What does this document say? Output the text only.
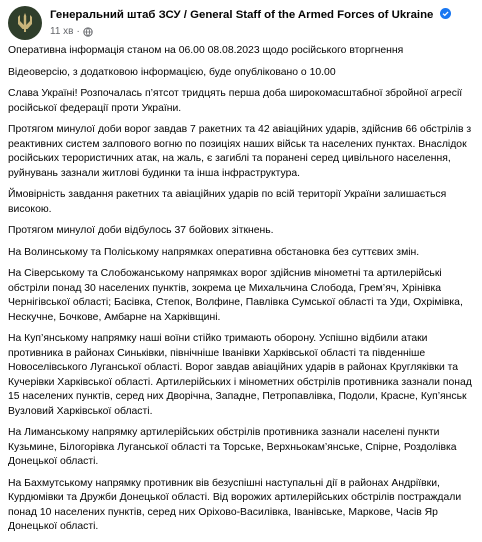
Генеральний штаб ЗСУ / General Staff of the Armed Forces of Ukraine
11 хв ·

Оперативна інформація станом на 06.00 08.08.2023 щодо російського вторгнення

Відеоверсію, з додатковою інформацією, буде опубліковано о 10.00

Слава Україні! Розпочалась п’ятсот тридцять перша доба широкомасштабної збройної агресії російської федерації проти України.

Протягом минулої доби ворог завдав 7 ракетних та 42 авіаційних ударів, здійснив 66 обстрілів з реактивних систем залпового вогню по позиціях наших військ та населених пунктах. Внаслідок російських терористичних атак, на жаль, є загиблі та поранені серед цивільного населення, руйнувань зазнали житлові будинки та інша інфраструктура.

Ймовірність завдання ракетних та авіаційних ударів по всій території України залишається високою.

Протягом минулої доби відбулось 37 бойових зіткнень.

На Волинському та Поліському напрямках оперативна обстановка без суттєвих змін.

На Сіверському та Слобожанському напрямках ворог здійснив мінометні та артилерійські обстріли понад 30 населених пунктів, зокрема це Михальчина Слобода, Грем’яч, Хрінівка Чернігівської області; Басівка, Степок, Волфине, Павлівка Сумської області та Уди, Охрімівка, Нескучне, Бочкове, Амбарне на Харківщині.

На Куп’янському напрямку наші воїни стійко тримають оборону. Успішно відбили атаки противника в районах Синьківки, північніше Іванівки Харківської області та південніше Новоселівського Луганської області. Ворог завдав авіаційних ударів в районах Кругляківки та Кучерівки Харківської області. Артилерійських і мінометних обстрілів противника зазнали понад 15 населених пунктів, серед них Дворічна, Западне, Петропавлівка, Подоли, Красне, Куп’янськ Вузловий Харківської області.

На Лиманському напрямку артилерійських обстрілів противника зазнали населені пункти Кузьмине, Білогорівка Луганської області та Торське, Верхньокам’янське, Спірне, Роздолівка Донецької області.

На Бахмутському напрямку противник вів безуспішні наступальні дії в районах Андріївки, Курдюмівки та Дружби Донецької області. Від ворожих артилерійських обстрілів постраждали понад 10 населених пунктів, серед них Оріхово-Василівка, Іванівське, Маркове, Часів Яр Донецької області.
